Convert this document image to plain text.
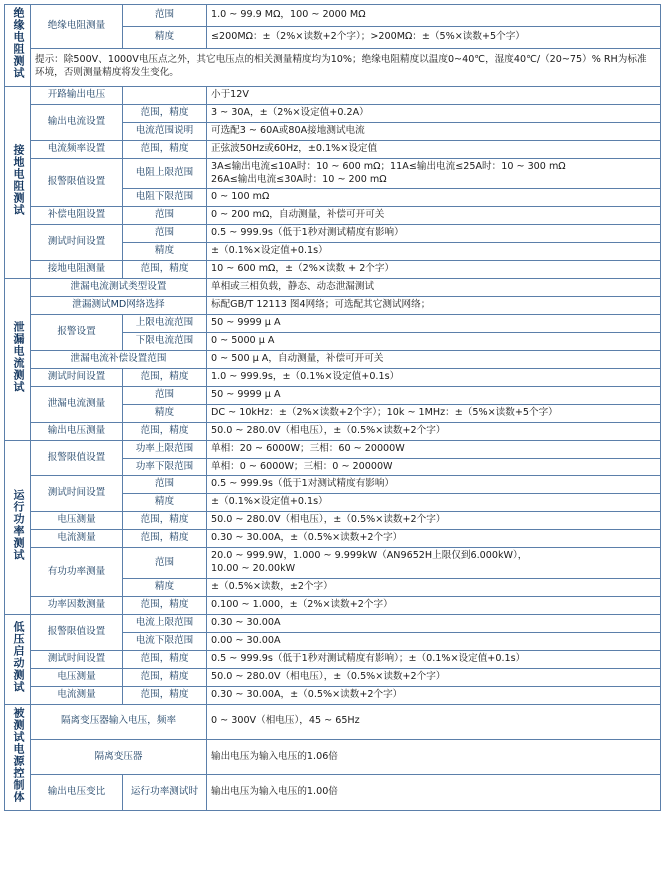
绝缘电阻测试	绝缘电阻测量	范围	1.0 ~ 99.9 MΩ，100 ~ 2000 MΩ
		精度	≤200MΩ：±（2%×读数+2个字）；>200MΩ：±（5%×读数+5个字）
	提示：除500V、1000V电压点之外，其它电压点的相关测量精度均为10%；绝缘电阻精度以温度0~40℃，湿度40℃/（20~75）% RH为标准环境，否则测量精度将发生变化。		
接地电阻测试	开路输出电压		小于12V
	输出电流设置	范围，精度	3 ~ 30A，±（2%×设定值+0.2A）
		电流范围说明	可选配3 ~ 60A或80A接地测试电流
	电流频率设置	范围，精度	正弦波50Hz或60Hz，±0.1%×设定值
	报警限值设置	电阻上限范围	3A≤输出电流≤10A时：10 ~ 600 mΩ；11A≤输出电流≤25A时：10 ~ 300 mΩ
26A≤输出电流≤30A时：10 ~ 200 mΩ
		电阻下限范围	0 ~ 100 mΩ
	补偿电阻设置	范围	0 ~ 200 mΩ，自动测量，补偿可开可关
	测试时间设置	范围	0.5 ~ 999.9s（低于1秒对测试精度有影响）
		精度	±（0.1%×设定值+0.1s）
	接地电阻测量	范围，精度	10 ~ 600 mΩ，±（2%×读数 + 2个字）
泄漏电流测试	泄漏电流测试类型设置		单相或三相负载，静态、动态泄漏测试
	泄漏测试MD网络选择		标配GB/T 12113 图4网络；可选配其它测试网络；
	报警设置	上限电流范围	50 ~ 9999 μ A
		下限电流范围	0 ~ 5000 μ A
	泄漏电流补偿设置范围		0 ~ 500 μ A，自动测量，补偿可开可关
	测试时间设置	范围，精度	1.0 ~ 999.9s，±（0.1%×设定值+0.1s）
	泄漏电流测量	范围	50 ~ 9999 μ A
		精度	DC ~ 10kHz：±（2%×读数+2个字）；10k ~ 1MHz：±（5%×读数+5个字）
	输出电压测量	范围，精度	50.0 ~ 280.0V（相电压），±（0.5%×读数+2个字）
运行功率测试	报警限值设置	功率上限范围	单相：20 ~ 6000W；三相：60 ~ 20000W
		功率下限范围	单相：0 ~ 6000W；三相：0 ~ 20000W
	测试时间设置	范围	0.5 ~ 999.9s（低于1对测试精度有影响）
		精度	±（0.1%×设定值+0.1s）
	电压测量	范围，精度	50.0 ~ 280.0V（相电压），±（0.5%×读数+2个字）
	电流测量	范围，精度	0.30 ~ 30.00A，±（0.5%×读数+2个字）
	有功功率测量	范围	20.0 ~ 999.9W，1.000 ~ 9.999kW（AN9652H上限仅到6.000kW），
10.00 ~ 20.00kW
		精度	±（0.5%×读数，±2个字）
	功率因数测量	范围，精度	0.100 ~ 1.000，±（2%×读数+2个字）
低压启动测试	报警限值设置	电流上限范围	0.30 ~ 30.00A
		电流下限范围	0.00 ~ 30.00A
	测试时间设置	范围，精度	0.5 ~ 999.9s（低于1秒对测试精度有影响）；±（0.1%×设定值+0.1s）
	电压测量	范围，精度	50.0 ~ 280.0V（相电压），±（0.5%×读数+2个字）
	电流测量	范围，精度	0.30 ~ 30.00A，±（0.5%×读数+2个字）
被测试电源控制体	隔离变压器输入电压，频率		0 ~ 300V（相电压），45 ~ 65Hz
	隔离变压器		输出电压为输入电压的1.06倍
	输出电压变比	运行功率测试时	输出电压为输入电压的1.00倍
